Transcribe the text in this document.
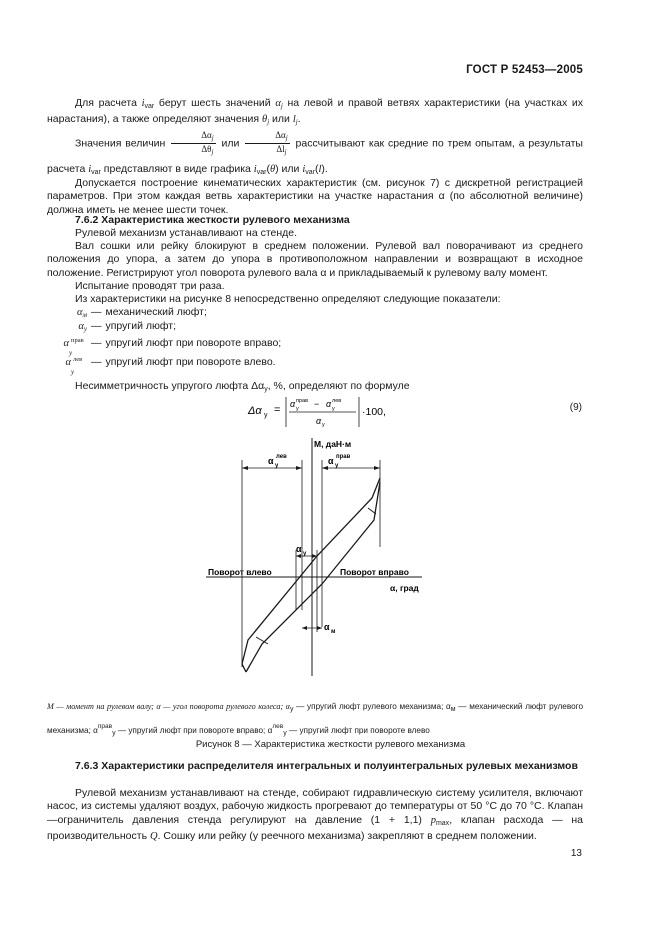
ГОСТ Р 52453—2005

Для расчета $i_{var}$ берут шесть значений $\alpha_j$ на левой и правой ветвях характеристики (на участках их нарастания), а также определяют значения $\theta_j$ или $l_j$.

Значения величин $\frac{\Delta\alpha_j}{\Delta\theta_j}$ или $\frac{\Delta\alpha_j}{\Delta l_j}$ рассчитывают как средние по трем опытам, а результаты расчета $i_{var}$ представляют в виде графика $i_{var}(\theta)$ или $i_{var}(l)$.

Допускается построение кинематических характеристик (см. рисунок 7) с дискретной регистрацией параметров. При этом каждая ветвь характеристики на участке нарастания α (по абсолютной величине) должна иметь не менее шести точек.

7.6.2 Характеристика жесткости рулевого механизма

Рулевой механизм устанавливают на стенде.

Вал сошки или рейку блокируют в среднем положении. Рулевой вал поворачивают из среднего положения до упора, а затем до упора в противоположном направлении и возвращают в исходное положение. Регистрируют угол поворота рулевого вала α и прикладываемый к рулевому валу момент.

Испытание проводят три раза.

Из характеристики на рисунке 8 непосредственно определяют следующие показатели:

$\alpha_м$ — механический люфт;
$\alpha_у$ — упругий люфт;
α
у
прав — упругий люфт при повороте вправо;
α
у
лев — упругий люфт при повороте влево.

Несимметричность упругого люфта $\Delta\alpha_у$, %, определяют по формуле

Δα у = α прав
у − α лев
у
α у
·100,	(9)
M, даН·м
α, град
Поворот влево	Поворот вправо
α у
лев	α у
прав
α у
α м
M — момент на рулевом валу; α — угол поворота рулевого колеса; αу — упругий люфт рулевого механизма; αм — механический люфт рулевого механизма; $\alpha^{прав}у$ — упругий люфт при повороте вправо; $\alpha^{лев}у$ — упругий люфт при повороте влево
Рисунок 8 — Характеристика жесткости рулевого механизма

7.6.3 Характеристики распределителя интегральных и полуинтегральных рулевых механизмов

Рулевой механизм устанавливают на стенде, собирают гидравлическую систему усилителя, включают насос, из системы удаляют воздух, рабочую жидкость прогревают до температуры от 50 °С до 70 °С. Клапан—ограничитель давления стенда регулируют на давление (1 + 1,1) $p_{max}$, клапан расхода — на производительность Q. Сошку или рейку (у реечного механизма) закрепляют в среднем положении.

13
